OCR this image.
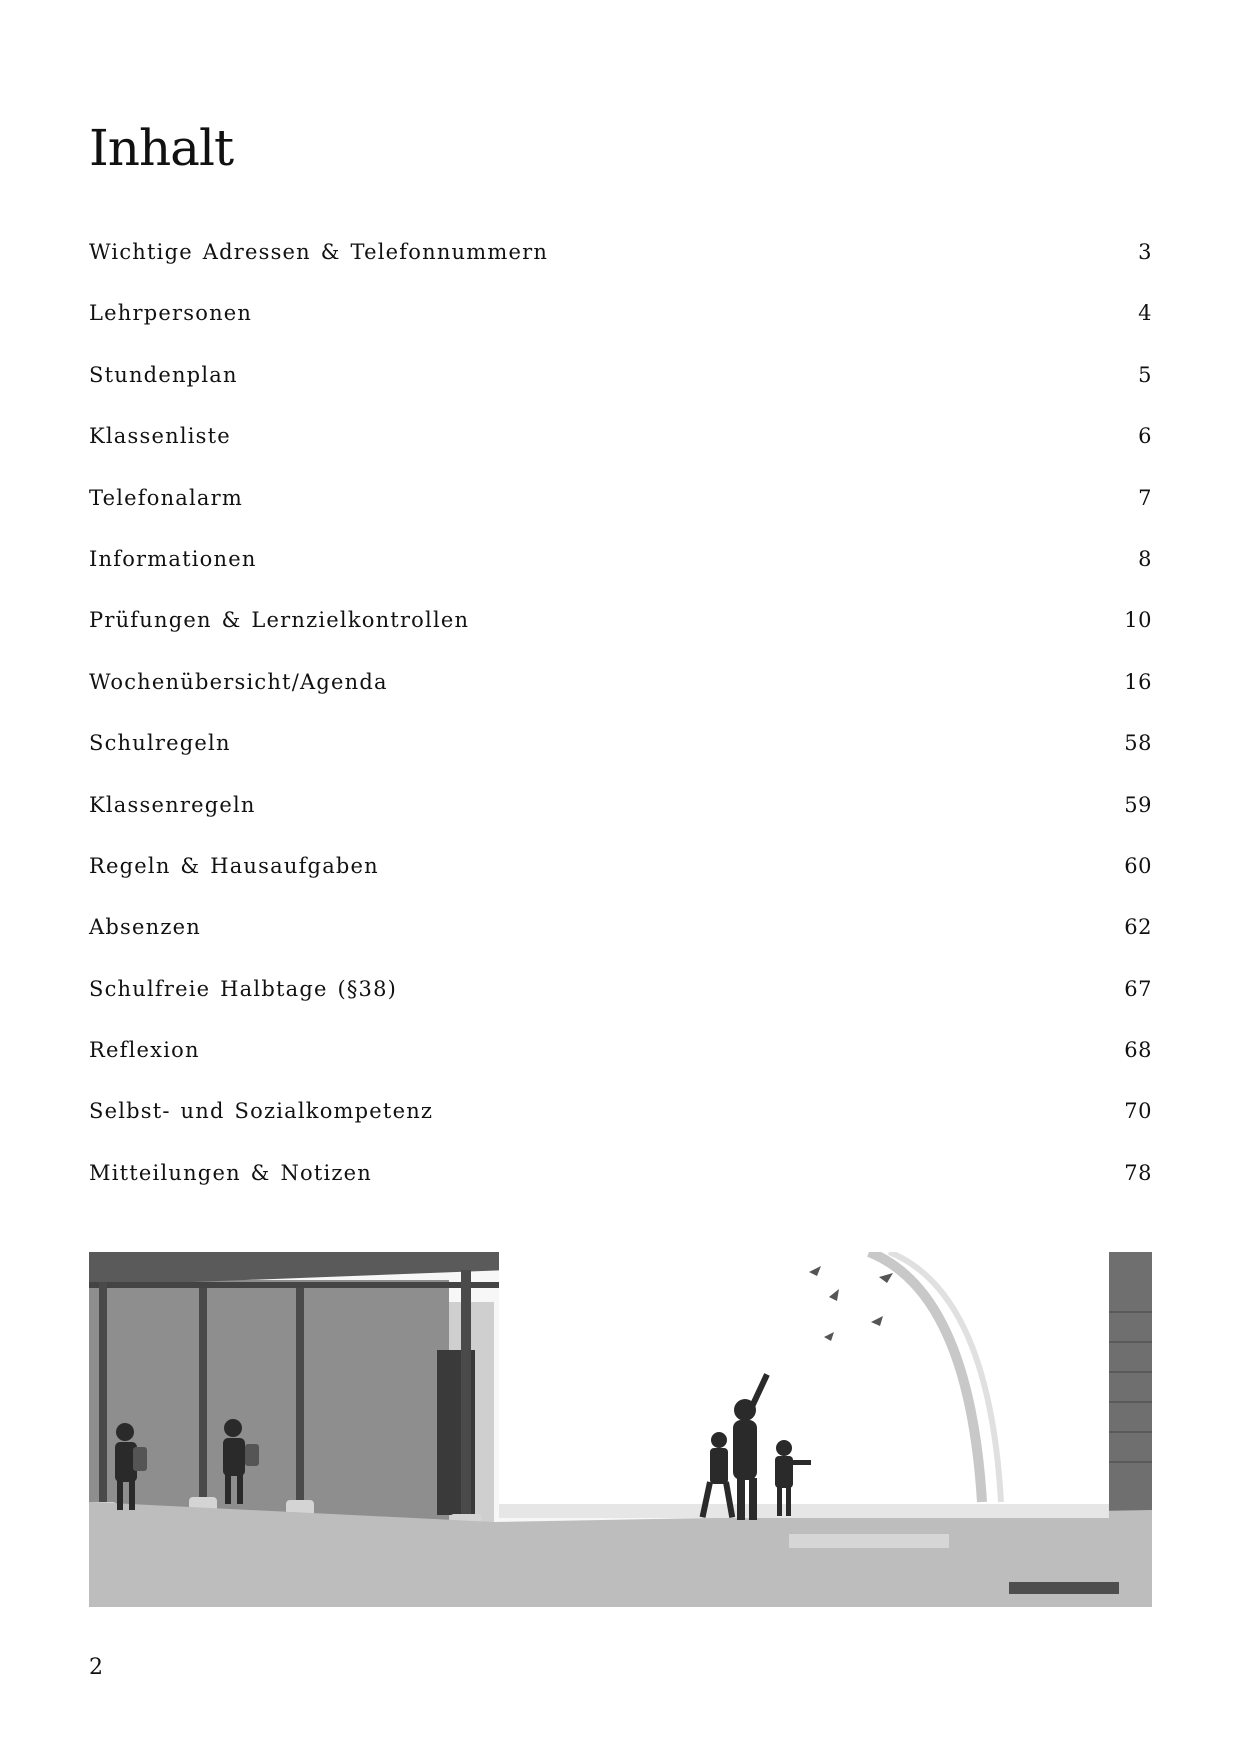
Inhalt
Wichtige Adressen & Telefonnummern	3
Lehrpersonen	4
Stundenplan	5
Klassenliste	6
Telefonalarm	7
Informationen	8
Prüfungen & Lernzielkontrollen	10
Wochenübersicht/Agenda	16
Schulregeln	58
Klassenregeln	59
Regeln & Hausaufgaben	60
Absenzen	62
Schulfreie Halbtage (§38)	67
Reflexion	68
Selbst- und Sozialkompetenz	70
Mitteilungen & Notizen	78
2
